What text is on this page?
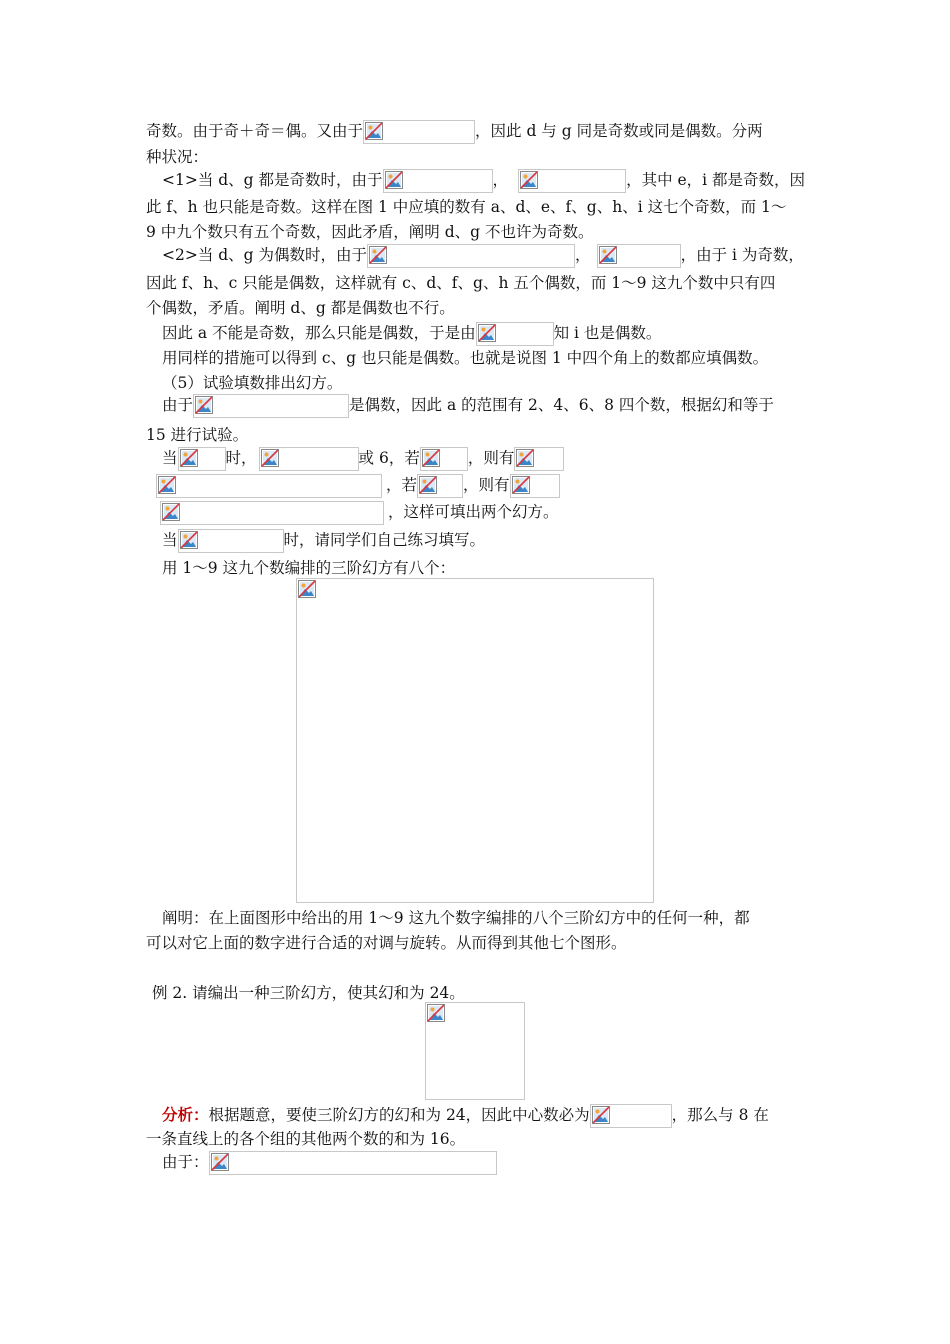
奇数。由于奇＋奇＝偶。又由于	，因此 d 与 g 同是奇数或同是偶数。分两
种状况：
<1>当 d、g 都是奇数时，由于	，	，其中 e，i 都是奇数，因
此 f、h 也只能是奇数。这样在图 1 中应填的数有 a、d、e、f、g、h、i 这七个奇数，而 1～
9 中九个数只有五个奇数，因此矛盾，阐明 d、g 不也许为奇数。
<2>当 d、g 为偶数时，由于	，	，由于 i 为奇数，
因此 f、h、c 只能是偶数，这样就有 c、d、f、g、h 五个偶数，而 1～9 这九个数中只有四
个偶数，矛盾。阐明 d、g 都是偶数也不行。
因此 a 不能是奇数，那么只能是偶数，于是由	知 i 也是偶数。
用同样的措施可以得到 c、g 也只能是偶数。也就是说图 1 中四个角上的数都应填偶数。
（5）试验填数排出幻方。
由于	是偶数，因此 a 的范围有 2、4、6、8 四个数，根据幻和等于
15 进行试验。
当	时，	或 6，若	，则有
，若	，则有
，这样可填出两个幻方。
当	时，请同学们自己练习填写。
用 1～9 这九个数编排的三阶幻方有八个：
阐明：在上面图形中给出的用 1～9 这九个数字编排的八个三阶幻方中的任何一种，都
可以对它上面的数字进行合适的对调与旋转。从而得到其他七个图形。
例 2. 请编出一种三阶幻方，使其幻和为 24。
分析：根据题意，要使三阶幻方的幻和为 24，因此中心数必为	，那么与 8 在
一条直线上的各个组的其他两个数的和为 16。
由于：
